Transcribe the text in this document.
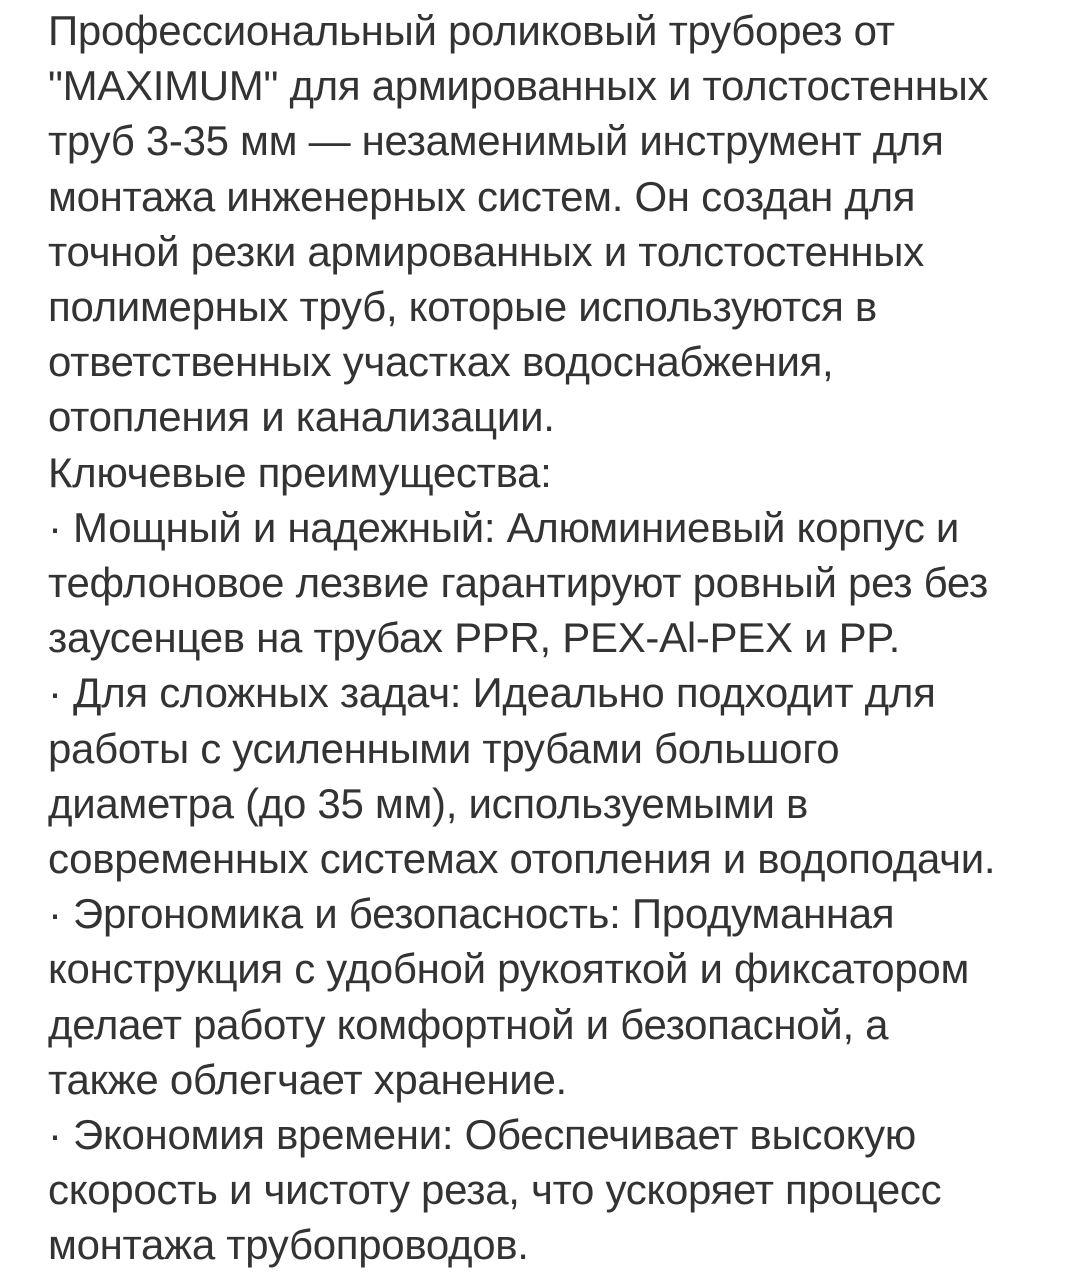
Профессиональный роликовый труборез от
"MAXIMUM" для армированных и толстостенных
труб 3-35 мм — незаменимый инструмент для
монтажа инженерных систем. Он создан для
точной резки армированных и толстостенных
полимерных труб, которые используются в
ответственных участках водоснабжения,
отопления и канализации.
Ключевые преимущества:
· Мощный и надежный: Алюминиевый корпус и
тефлоновое лезвие гарантируют ровный рез без
заусенцев на трубах PPR, PEX-Al-PEX и PP.
· Для сложных задач: Идеально подходит для
работы с усиленными трубами большого
диаметра (до 35 мм), используемыми в
современных системах отопления и водоподачи.
· Эргономика и безопасность: Продуманная
конструкция с удобной рукояткой и фиксатором
делает работу комфортной и безопасной, а
также облегчает хранение.
· Экономия времени: Обеспечивает высокую
скорость и чистоту реза, что ускоряет процесс
монтажа трубопроводов.
